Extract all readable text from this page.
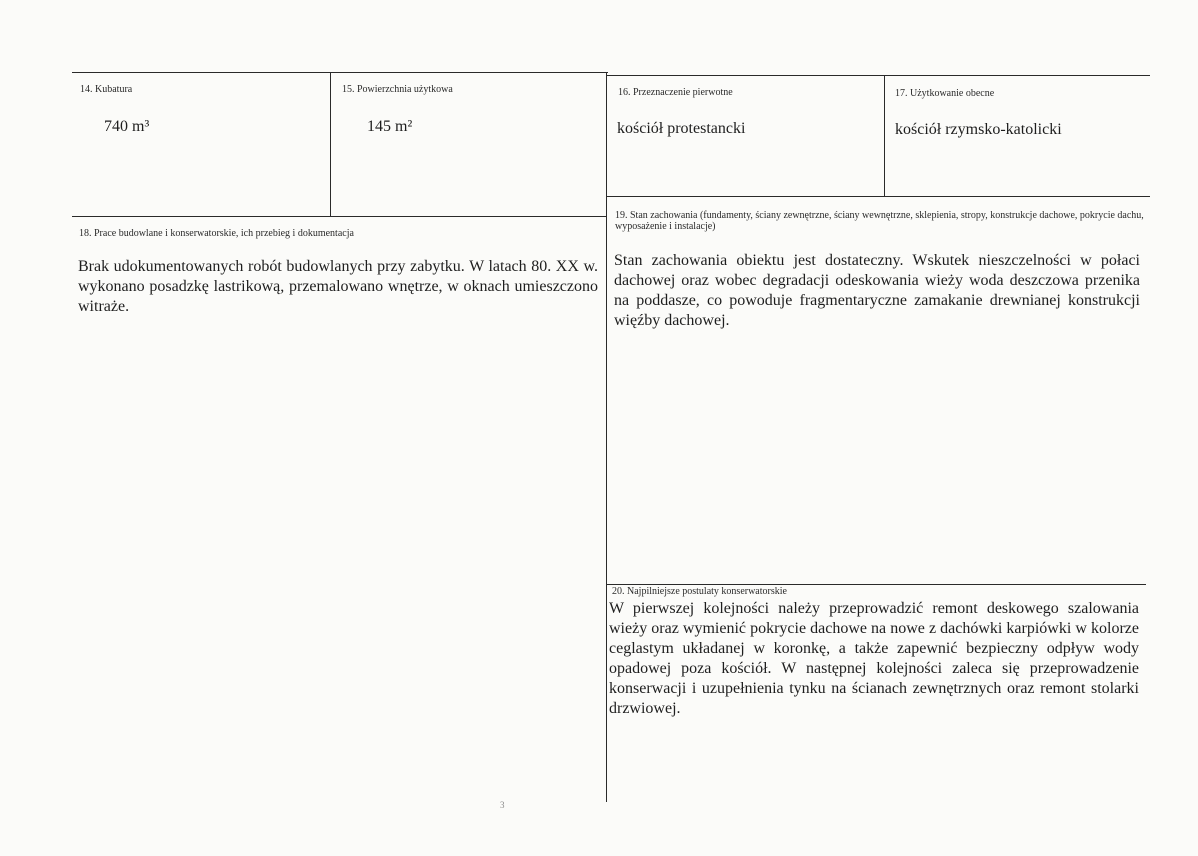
14. Kubatura
740 m³
15. Powierzchnia użytkowa
145 m²
16. Przeznaczenie pierwotne
kościół protestancki
17. Użytkowanie obecne
kościół rzymsko-katolicki
18. Prace budowlane i konserwatorskie, ich przebieg i dokumentacja
Brak udokumentowanych robót budowlanych przy zabytku. W latach 80. XX w. wykonano posadzkę lastrikową, przemalowano wnętrze, w oknach umieszczono witraże.
19. Stan zachowania (fundamenty, ściany zewnętrzne, ściany wewnętrzne, sklepienia, stropy, konstrukcje dachowe, pokrycie dachu, wyposażenie i instalacje)
Stan zachowania obiektu jest dostateczny. Wskutek nieszczelności w połaci dachowej oraz wobec degradacji odeskowania wieży woda deszczowa przenika na poddasze, co powoduje fragmentaryczne zamakanie drewnianej konstrukcji więźby dachowej.
20. Najpilniejsze postulaty konserwatorskie
W pierwszej kolejności należy przeprowadzić remont deskowego szalowania wieży oraz wymienić pokrycie dachowe na nowe z dachówki karpiówki w kolorze ceglastym układanej w koronkę, a także zapewnić bezpieczny odpływ wody opadowej poza kościół. W następnej kolejności zaleca się przeprowadzenie konserwacji i uzupełnienia tynku na ścianach zewnętrznych oraz remont stolarki drzwiowej.
3
